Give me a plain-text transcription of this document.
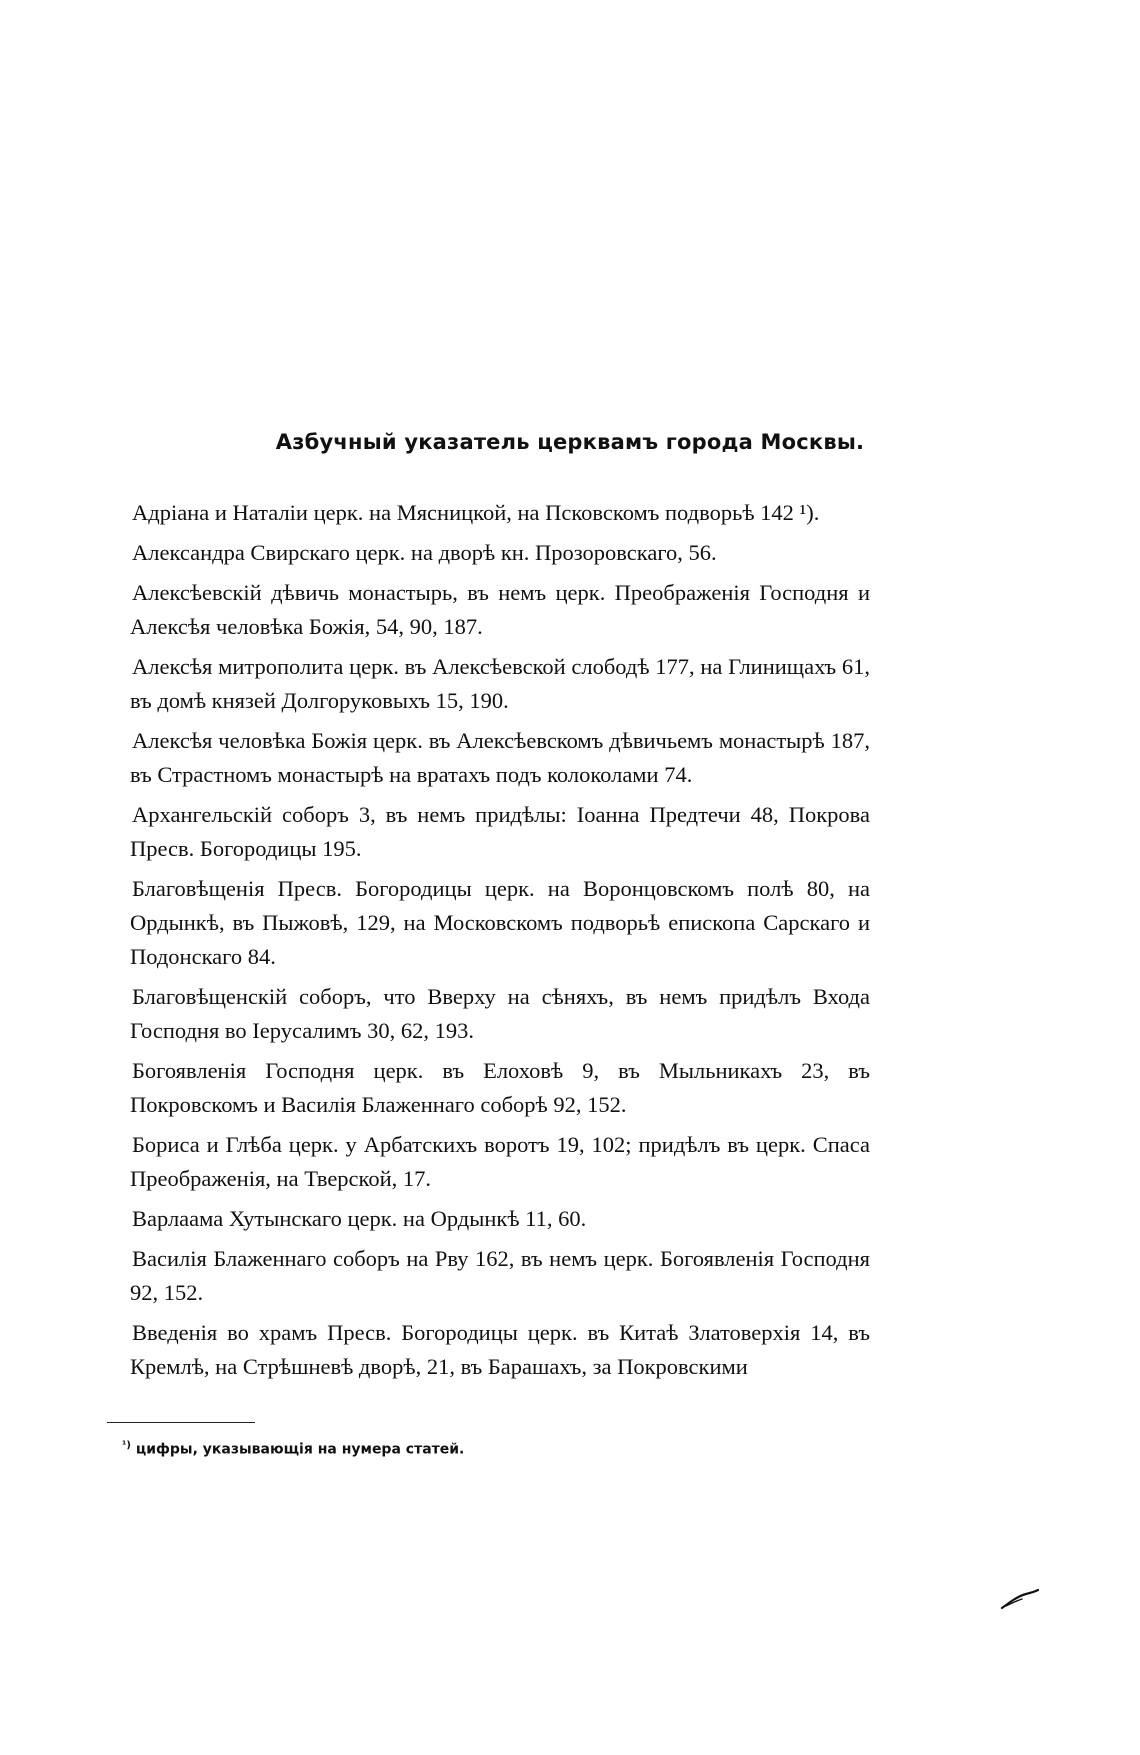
Азбучный указатель церквамъ города Москвы.

Адріана и Наталіи церк. на Мясницкой, на Псковскомъ подворьѣ 142 ¹).

Александра Свирскаго церк. на дворѣ кн. Прозоровскаго, 56.

Алексѣевскій дѣвичь монастырь, въ немъ церк. Преображенія Господня и Алексѣя человѣка Божія, 54, 90, 187.

Алексѣя митрополита церк. въ Алексѣевской слободѣ 177, на Глинищахъ 61, въ домѣ князей Долгоруковыхъ 15, 190.

Алексѣя человѣка Божія церк. въ Алексѣевскомъ дѣвичьемъ монастырѣ 187, въ Страстномъ монастырѣ на вратахъ подъ колоколами 74.

Архангельскій соборъ 3, въ немъ придѣлы: Іоанна Предтечи 48, Покрова Пресв. Богородицы 195.

Благовѣщенія Пресв. Богородицы церк. на Воронцовскомъ полѣ 80, на Ордынкѣ, въ Пыжовѣ, 129, на Московскомъ подворьѣ епископа Сарскаго и Подонскаго 84.

Благовѣщенскій соборъ, что Вверху на сѣняхъ, въ немъ придѣлъ Входа Господня во Іерусалимъ 30, 62, 193.

Богоявленія Господня церк. въ Елоховѣ 9, въ Мыльникахъ 23, въ Покровскомъ и Василія Блаженнаго соборѣ 92, 152.

Бориса и Глѣба церк. у Арбатскихъ воротъ 19, 102; придѣлъ въ церк. Спаса Преображенія, на Тверской, 17.

Варлаама Хутынскаго церк. на Ордынкѣ 11, 60.

Василія Блаженнаго соборъ на Рву 162, въ немъ церк. Богоявленія Господня 92, 152.

Введенія во храмъ Пресв. Богородицы церк. въ Китаѣ Златоверхія 14, въ Кремлѣ, на Стрѣшневѣ дворѣ, 21, въ Барашахъ, за Покровскими

$^{^1)}$ цифры, указывающія на нумера статей.
